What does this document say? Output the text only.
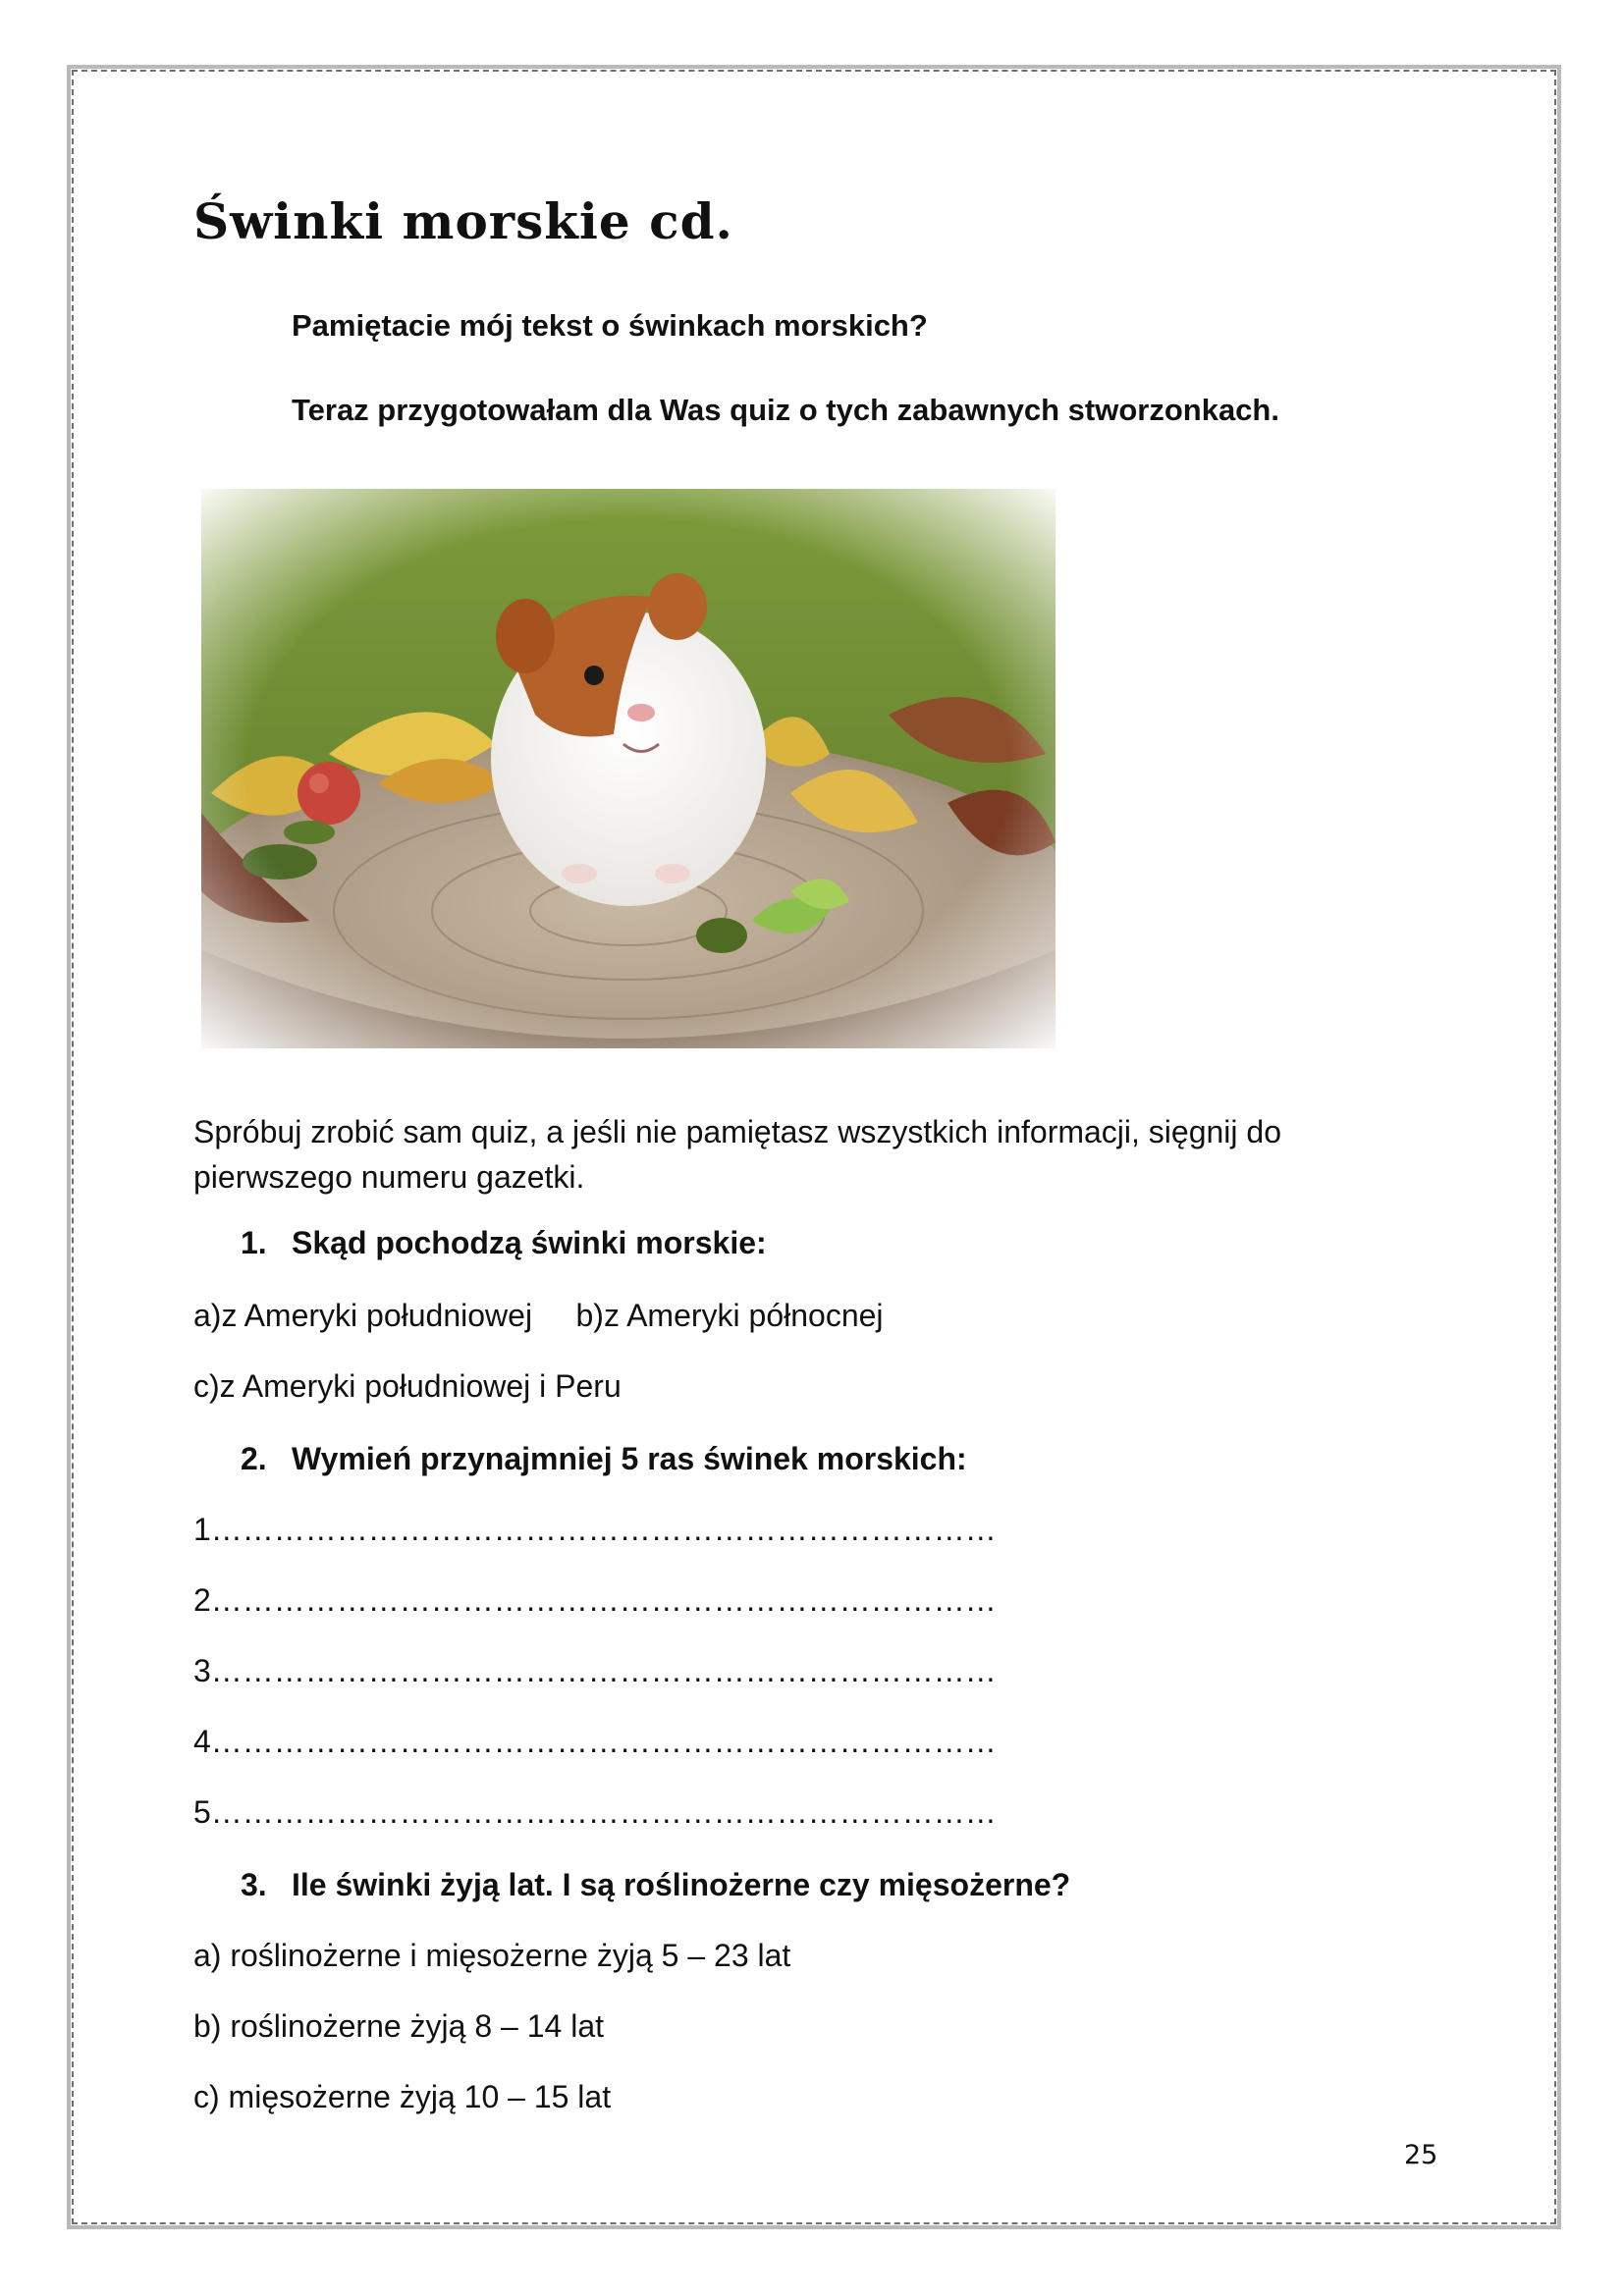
Świnki morskie cd.

Pamiętacie mój tekst o świnkach morskich?

Teraz przygotowałam dla Was quiz o tych zabawnych stworzonkach.

Spróbuj zrobić sam quiz, a jeśli nie pamiętasz wszystkich informacji, sięgnij do pierwszego numeru gazetki.

1. Skąd pochodzą świnki morskie:

a)z Ameryki południowej     b)z Ameryki północnej

c)z Ameryki południowej i Peru

2. Wymień przynajmniej 5 ras świnek morskich:

1…………………………………………………………………

2…………………………………………………………………

3…………………………………………………………………

4…………………………………………………………………

5…………………………………………………………………

3. Ile świnki żyją lat. I są roślinożerne czy mięsożerne?

a) roślinożerne i mięsożerne żyją 5 – 23 lat

b) roślinożerne żyją 8 – 14 lat

c) mięsożerne żyją 10 – 15 lat

25
